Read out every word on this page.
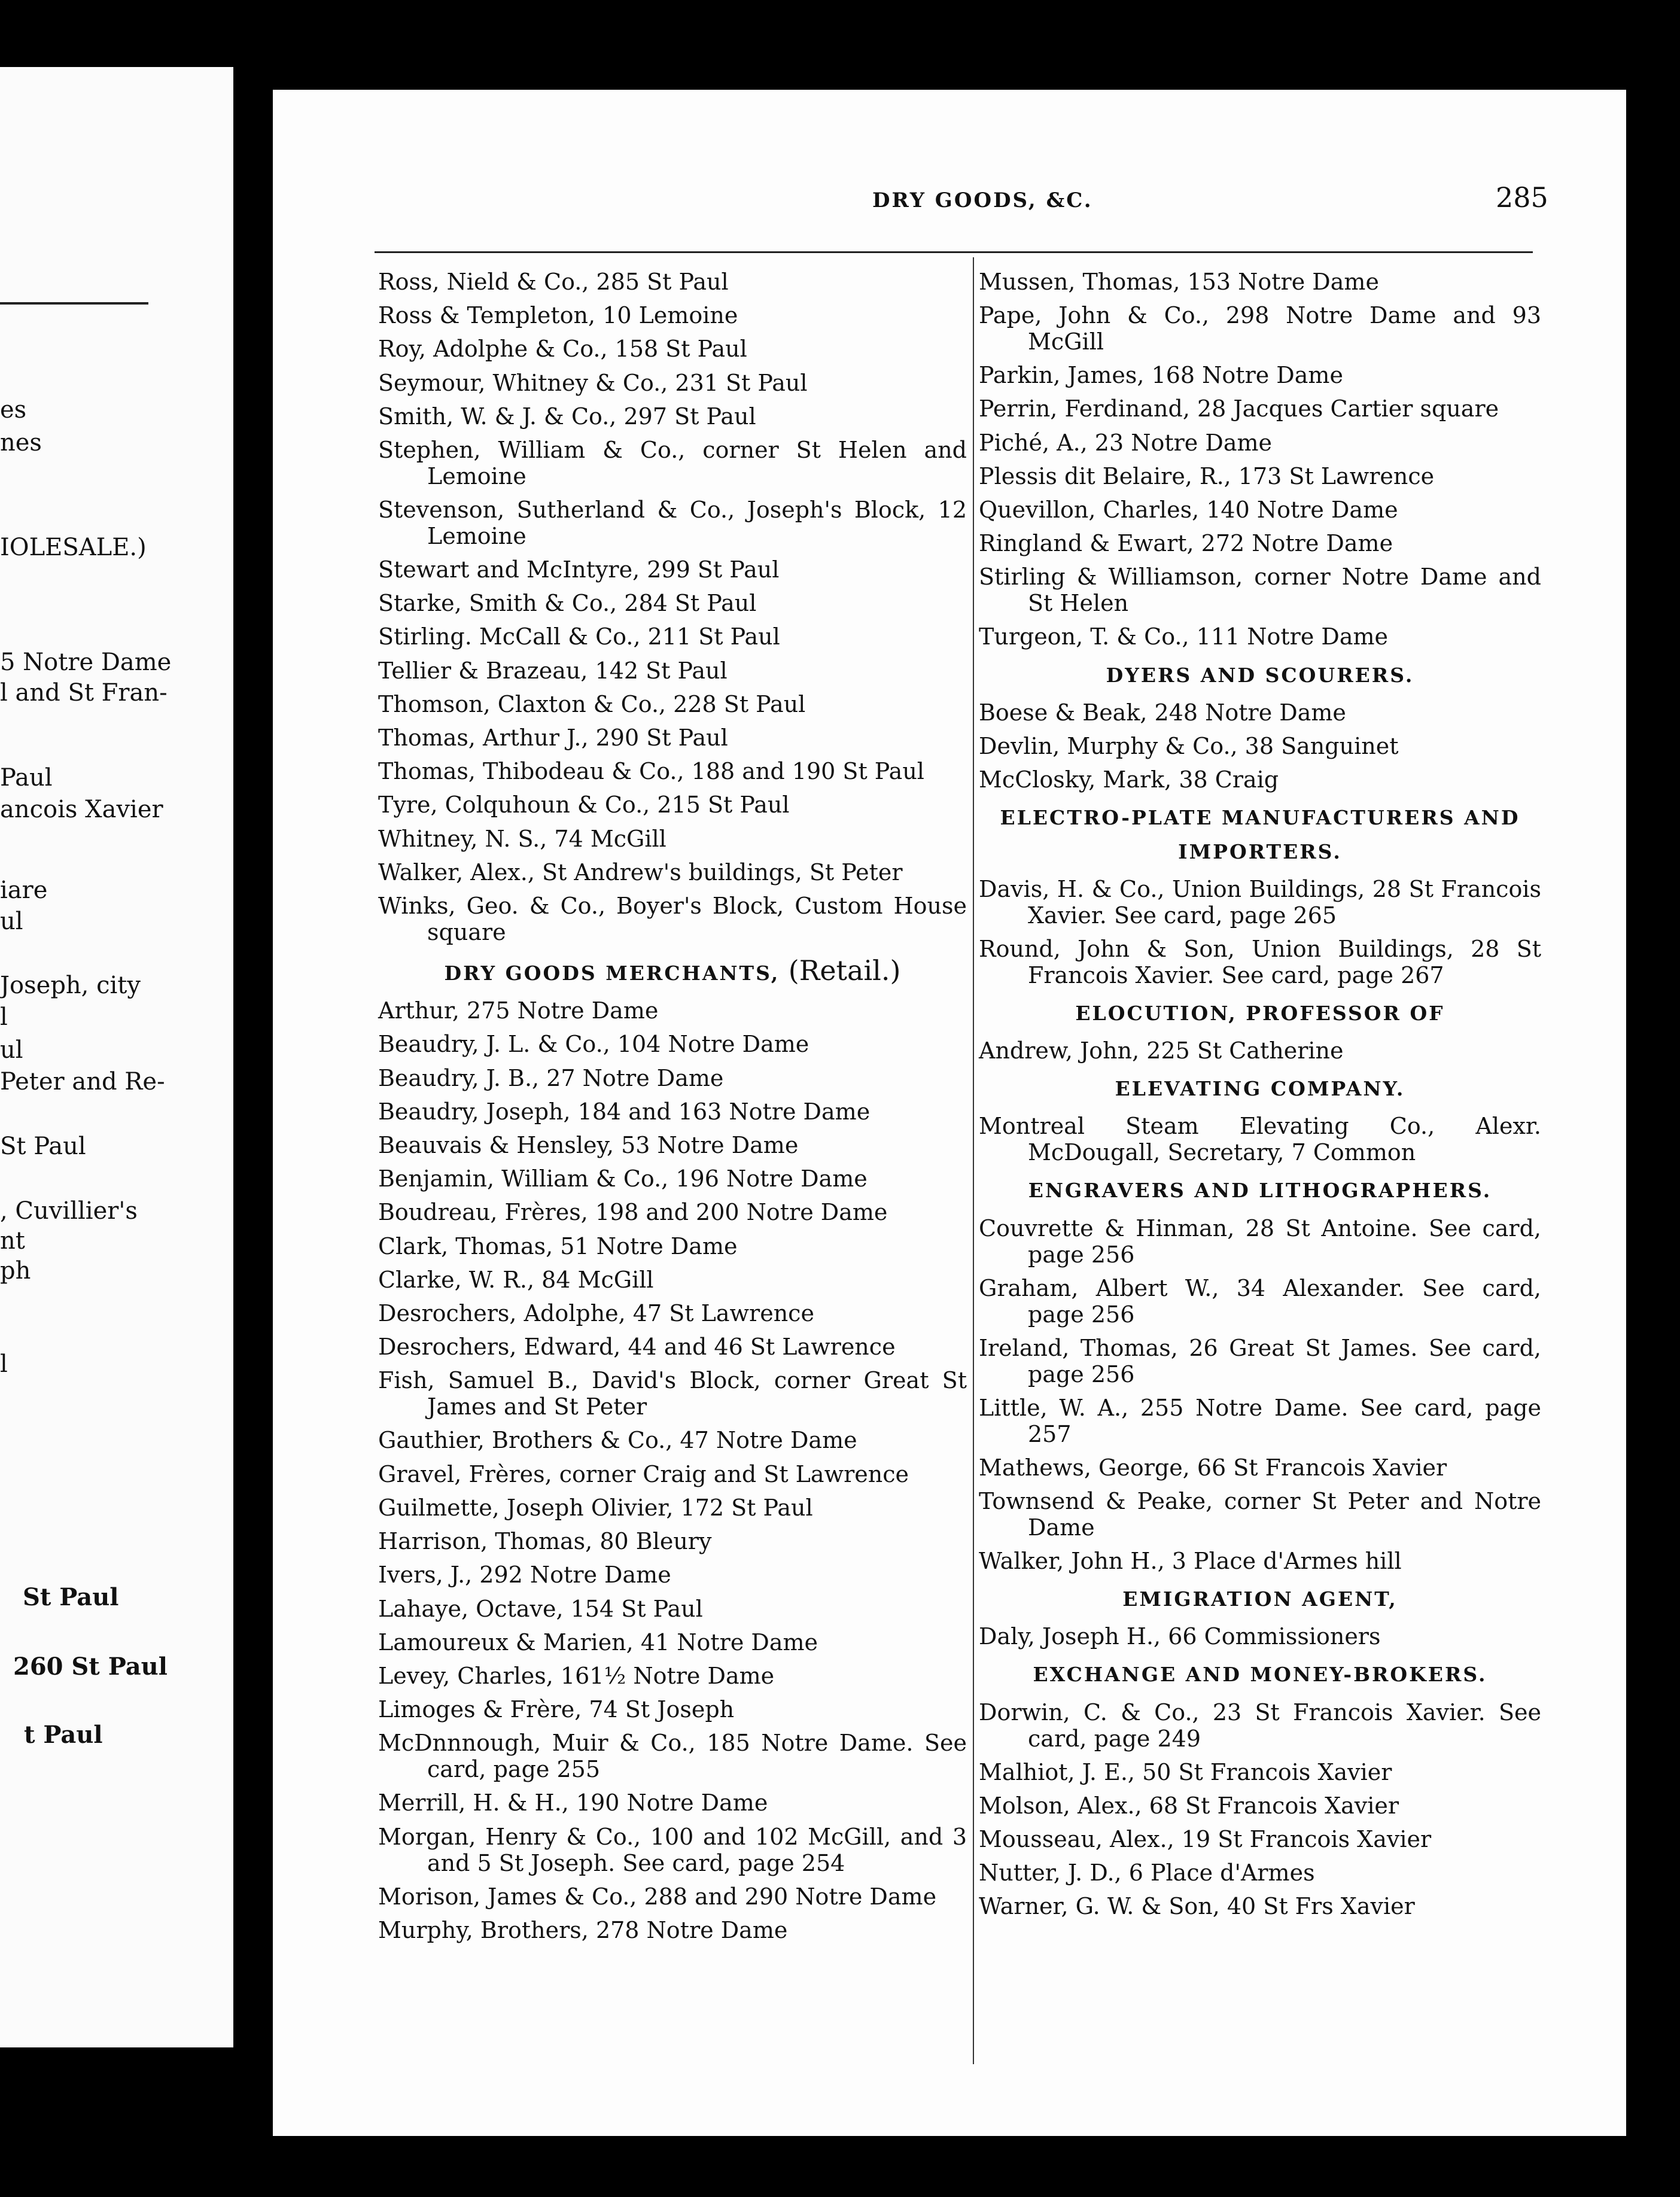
es
nes
IOLESALE.)
5 Notre Dame
l and St Fran-
Paul
ancois Xavier
iare
ul
Joseph, city
l
ul
Peter and Re-
St Paul
, Cuvillier's
nt
ph
l
St Paul
260 St Paul
t Paul
DRY GOODS, &C.	285
Ross, Nield & Co., 285 St Paul
Ross & Templeton, 10 Lemoine
Roy, Adolphe & Co., 158 St Paul
Seymour, Whitney & Co., 231 St Paul
Smith, W. & J. & Co., 297 St Paul
Stephen, William & Co., corner St Helen and Lemoine
Stevenson, Sutherland & Co., Joseph's Block, 12 Lemoine
Stewart and McIntyre, 299 St Paul
Starke, Smith & Co., 284 St Paul
Stirling. McCall & Co., 211 St Paul
Tellier & Brazeau, 142 St Paul
Thomson, Claxton & Co., 228 St Paul
Thomas, Arthur J., 290 St Paul
Thomas, Thibodeau & Co., 188 and 190 St Paul
Tyre, Colquhoun & Co., 215 St Paul
Whitney, N. S., 74 McGill
Walker, Alex., St Andrew's buildings, St Peter
Winks, Geo. & Co., Boyer's Block, Custom House square
DRY GOODS MERCHANTS, (Retail.)
Arthur, 275 Notre Dame
Beaudry, J. L. & Co., 104 Notre Dame
Beaudry, J. B., 27 Notre Dame
Beaudry, Joseph, 184 and 163 Notre Dame
Beauvais & Hensley, 53 Notre Dame
Benjamin, William & Co., 196 Notre Dame
Boudreau, Frères, 198 and 200 Notre Dame
Clark, Thomas, 51 Notre Dame
Clarke, W. R., 84 McGill
Desrochers, Adolphe, 47 St Lawrence
Desrochers, Edward, 44 and 46 St Lawrence
Fish, Samuel B., David's Block, corner Great St James and St Peter
Gauthier, Brothers & Co., 47 Notre Dame
Gravel, Frères, corner Craig and St Lawrence
Guilmette, Joseph Olivier, 172 St Paul
Harrison, Thomas, 80 Bleury
Ivers, J., 292 Notre Dame
Lahaye, Octave, 154 St Paul
Lamoureux & Marien, 41 Notre Dame
Levey, Charles, 161½ Notre Dame
Limoges & Frère, 74 St Joseph
McDnnnough, Muir & Co., 185 Notre Dame. See card, page 255
Merrill, H. & H., 190 Notre Dame
Morgan, Henry & Co., 100 and 102 McGill, and 3 and 5 St Joseph. See card, page 254
Morison, James & Co., 288 and 290 Notre Dame
Murphy, Brothers, 278 Notre Dame
Mussen, Thomas, 153 Notre Dame
Pape, John & Co., 298 Notre Dame and 93 McGill
Parkin, James, 168 Notre Dame
Perrin, Ferdinand, 28 Jacques Cartier square
Piché, A., 23 Notre Dame
Plessis dit Belaire, R., 173 St Lawrence
Quevillon, Charles, 140 Notre Dame
Ringland & Ewart, 272 Notre Dame
Stirling & Williamson, corner Notre Dame and St Helen
Turgeon, T. & Co., 111 Notre Dame
DYERS AND SCOURERS.
Boese & Beak, 248 Notre Dame
Devlin, Murphy & Co., 38 Sanguinet
McClosky, Mark, 38 Craig
ELECTRO-PLATE MANUFACTURERS AND IMPORTERS.
Davis, H. & Co., Union Buildings, 28 St Francois Xavier. See card, page 265
Round, John & Son, Union Buildings, 28 St Francois Xavier. See card, page 267
ELOCUTION, PROFESSOR OF
Andrew, John, 225 St Catherine
ELEVATING COMPANY.
Montreal Steam Elevating Co., Alexr. McDougall, Secretary, 7 Common
ENGRAVERS AND LITHOGRAPHERS.
Couvrette & Hinman, 28 St Antoine. See card, page 256
Graham, Albert W., 34 Alexander. See card, page 256
Ireland, Thomas, 26 Great St James. See card, page 256
Little, W. A., 255 Notre Dame. See card, page 257
Mathews, George, 66 St Francois Xavier
Townsend & Peake, corner St Peter and Notre Dame
Walker, John H., 3 Place d'Armes hill
EMIGRATION AGENT,
Daly, Joseph H., 66 Commissioners
EXCHANGE AND MONEY-BROKERS.
Dorwin, C. & Co., 23 St Francois Xavier. See card, page 249
Malhiot, J. E., 50 St Francois Xavier
Molson, Alex., 68 St Francois Xavier
Mousseau, Alex., 19 St Francois Xavier
Nutter, J. D., 6 Place d'Armes
Warner, G. W. & Son, 40 St Frs Xavier
